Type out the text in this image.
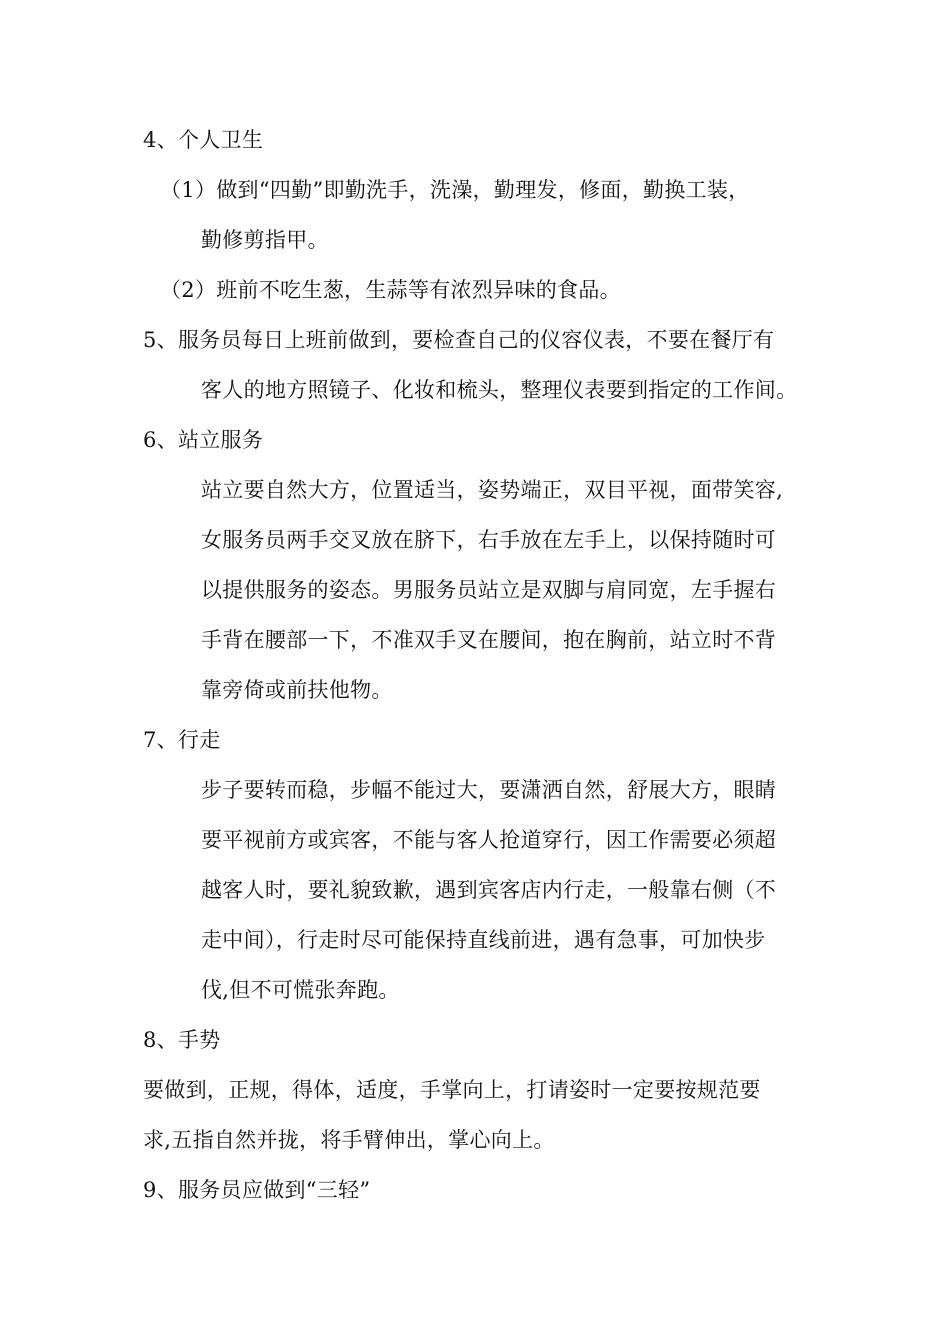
4、个人卫生
（1）做到“四勤”即勤洗手，洗澡，勤理发，修面，勤换工装，
勤修剪指甲。
（2）班前不吃生葱，生蒜等有浓烈异味的食品。
5、服务员每日上班前做到，要检查自己的仪容仪表，不要在餐厅有
客人的地方照镜子、化妆和梳头，整理仪表要到指定的工作间。
6、站立服务
站立要自然大方，位置适当，姿势端正，双目平视，面带笑容,
女服务员两手交叉放在脐下，右手放在左手上，以保持随时可
以提供服务的姿态。男服务员站立是双脚与肩同宽，左手握右
手背在腰部一下，不准双手叉在腰间，抱在胸前，站立时不背
靠旁倚或前扶他物。
7、行走
步子要转而稳，步幅不能过大，要潇洒自然，舒展大方，眼睛
要平视前方或宾客，不能与客人抢道穿行，因工作需要必须超
越客人时，要礼貌致歉，遇到宾客店内行走，一般靠右侧（不
走中间），行走时尽可能保持直线前进，遇有急事，可加快步
伐,但不可慌张奔跑。
8、手势
要做到，正规，得体，适度，手掌向上，打请姿时一定要按规范要
求,五指自然并拢，将手臂伸出，掌心向上。
9、服务员应做到“三轻”
